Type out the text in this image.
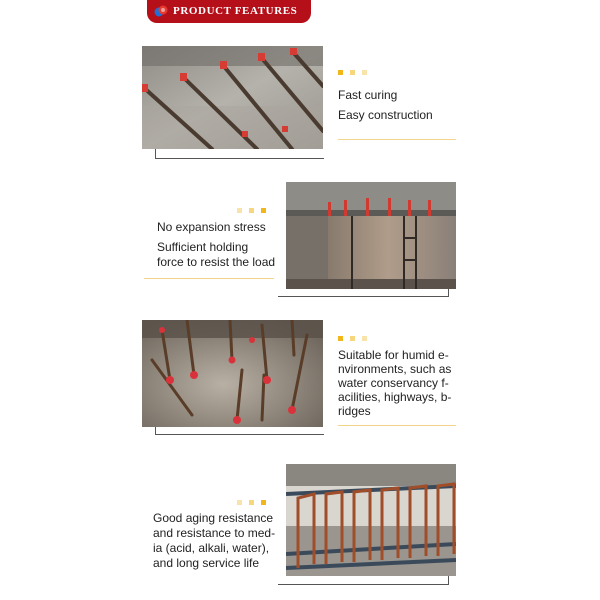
PRODUCT FEATURES
Fast curing
Easy construction
No expansion stress
Sufficient holding
force to resist the load
Suitable for humid e-
nvironments, such as
water conservancy f-
acilities, highways, b-
ridges
Good aging resistance
and resistance to med-
ia (acid, alkali, water),
and long service life
